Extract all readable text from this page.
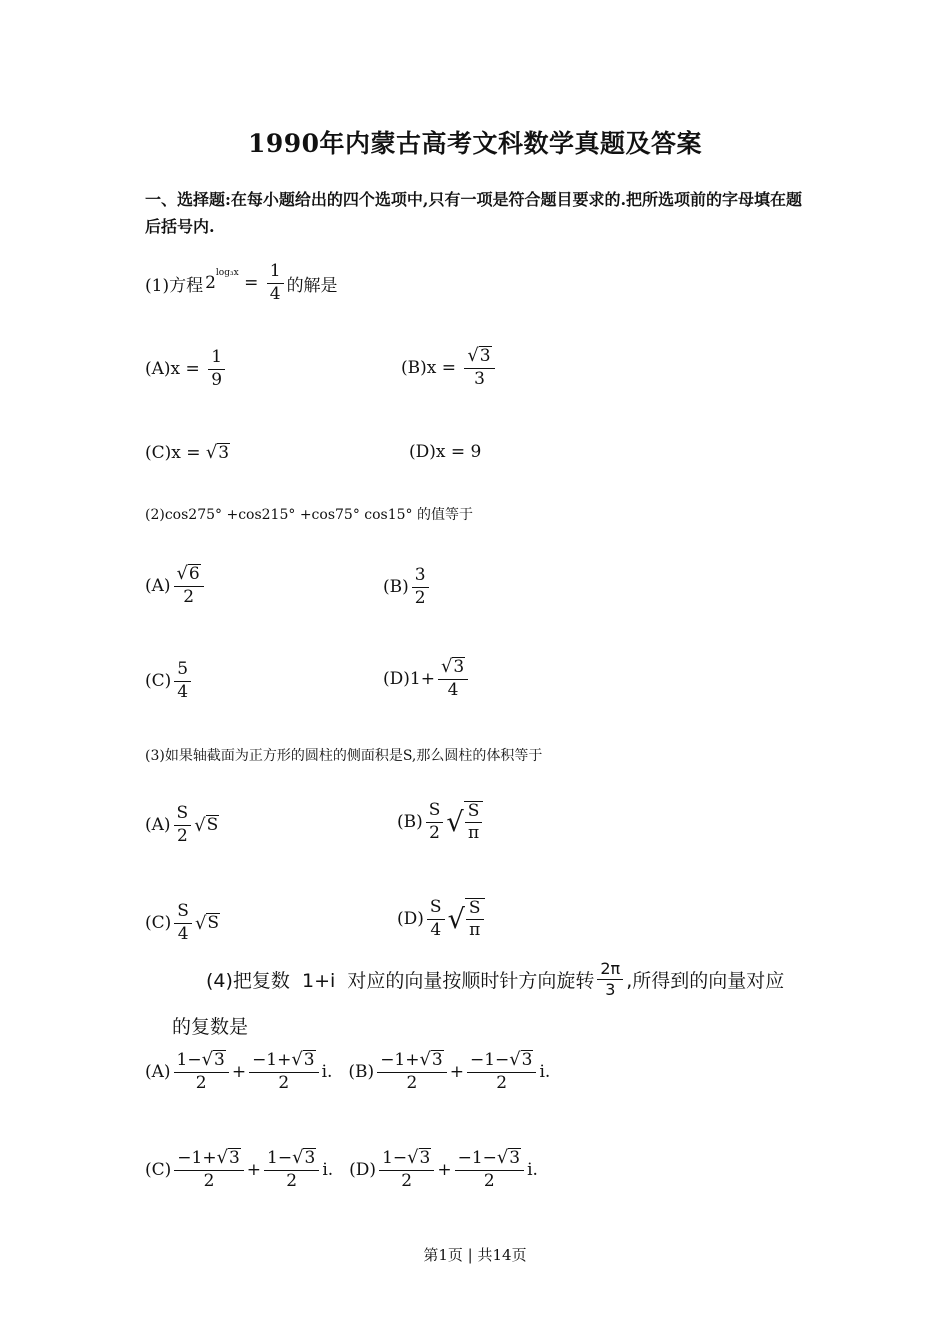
1990年内蒙古高考文科数学真题及答案
一、选择题:在每小题给出的四个选项中,只有一项是符合题目要求的.把所选项前的字母填在题后括号内.
(1)方程 2 $\log_3x = \frac{1}{4}$ 的解是
(A) $x = \frac{1}{9}$	(B) $x = \frac{√ 3}{3}$
(C) x = √ 3	(D) x = 9
(2)cos275° +cos215° +cos75° cos15° 的值等于
$(A) \frac{√ 6}{2}$	$(B) \frac{3}{2}$
$(C) \frac{5}{4}$	(D) $1+ \frac{√ 3}{4}$
(3)如果轴截面为正方形的圆柱的侧面积是S,那么圆柱的体积等于
$(A) \frac{S}{2}$ √ S	$(B) \frac{S}{2}$ √ $\frac{S}{\pi}$
$(C) \frac{S}{4}$ √ S	$(D) \frac{S}{4}$ √ $\frac{S}{\pi}$
(4)把复数  1+i  对应的向量按顺时针方向旋转 $\frac{2\pi}{3}$ ,所得到的向量对应
的复数是
$(A) \frac{1- √ 3}{2} + \frac{-1+ √ 3}{2} i$. $(B) \frac{-1+ √ 3}{2} + \frac{-1- √ 3}{2} i$.
$(C) \frac{-1+ √ 3}{2} + \frac{1- √ 3}{2} i$. $(D) \frac{1- √ 3}{2} + \frac{-1- √ 3}{2} i$.
第1页 | 共14页
